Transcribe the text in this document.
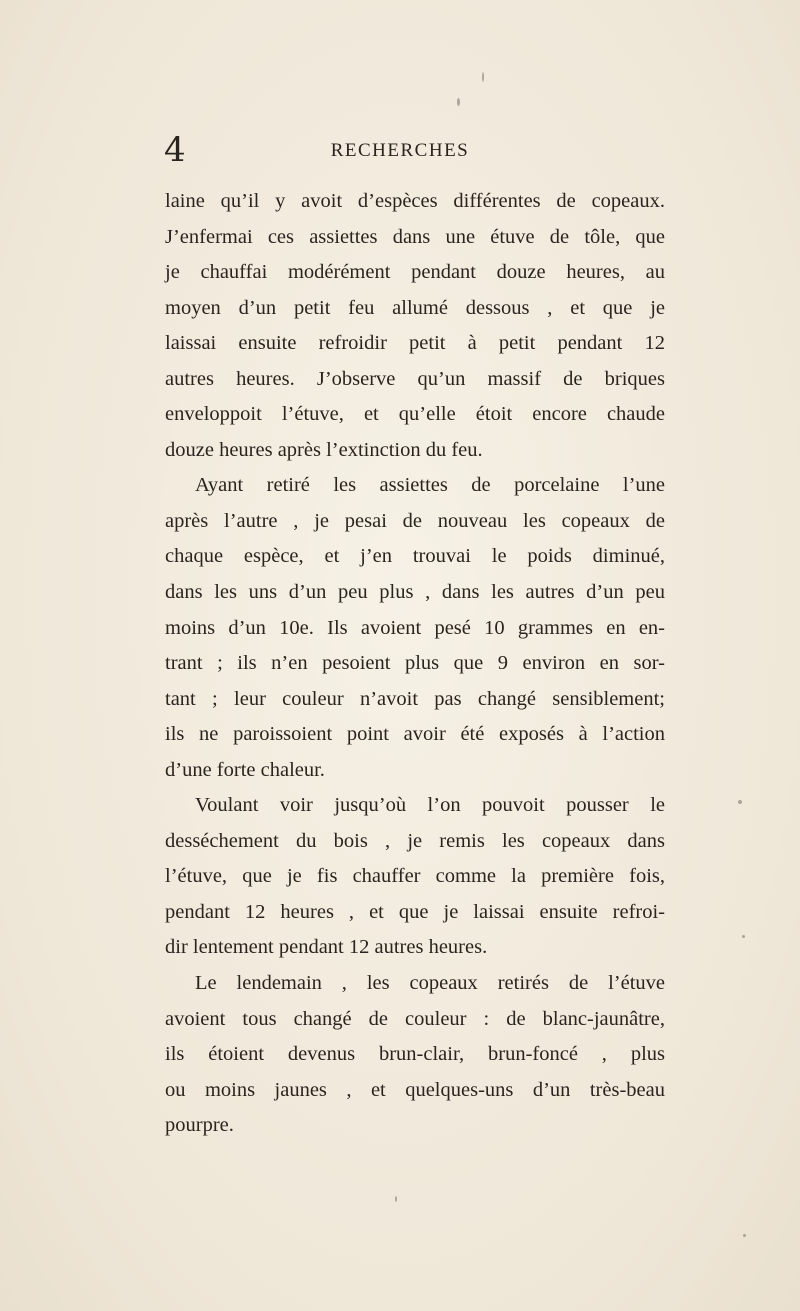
4	RECHERCHES
laine qu’il y avoit d’espèces différentes de copeaux.
J’enfermai ces assiettes dans une étuve de tôle, que
je chauffai modérément pendant douze heures, au
moyen d’un petit feu allumé dessous , et que je
laissai ensuite refroidir petit à petit pendant 12
autres heures. J’observe qu’un massif de briques
enveloppoit l’étuve, et qu’elle étoit encore chaude
douze heures après l’extinction du feu.
Ayant retiré les assiettes de porcelaine l’une
après l’autre , je pesai de nouveau les copeaux de
chaque espèce, et j’en trouvai le poids diminué,
dans les uns d’un peu plus , dans les autres d’un peu
moins d’un 10e. Ils avoient pesé 10 grammes en en-
trant ; ils n’en pesoient plus que 9 environ en sor-
tant ; leur couleur n’avoit pas changé sensiblement;
ils ne paroissoient point avoir été exposés à l’action
d’une forte chaleur.
Voulant voir jusqu’où l’on pouvoit pousser le
desséchement du bois , je remis les copeaux dans
l’étuve, que je fis chauffer comme la première fois,
pendant 12 heures , et que je laissai ensuite refroi-
dir lentement pendant 12 autres heures.
Le lendemain , les copeaux retirés de l’étuve
avoient tous changé de couleur : de blanc-jaunâtre,
ils étoient devenus brun-clair, brun-foncé , plus
ou moins jaunes , et quelques-uns d’un très-beau
pourpre.
